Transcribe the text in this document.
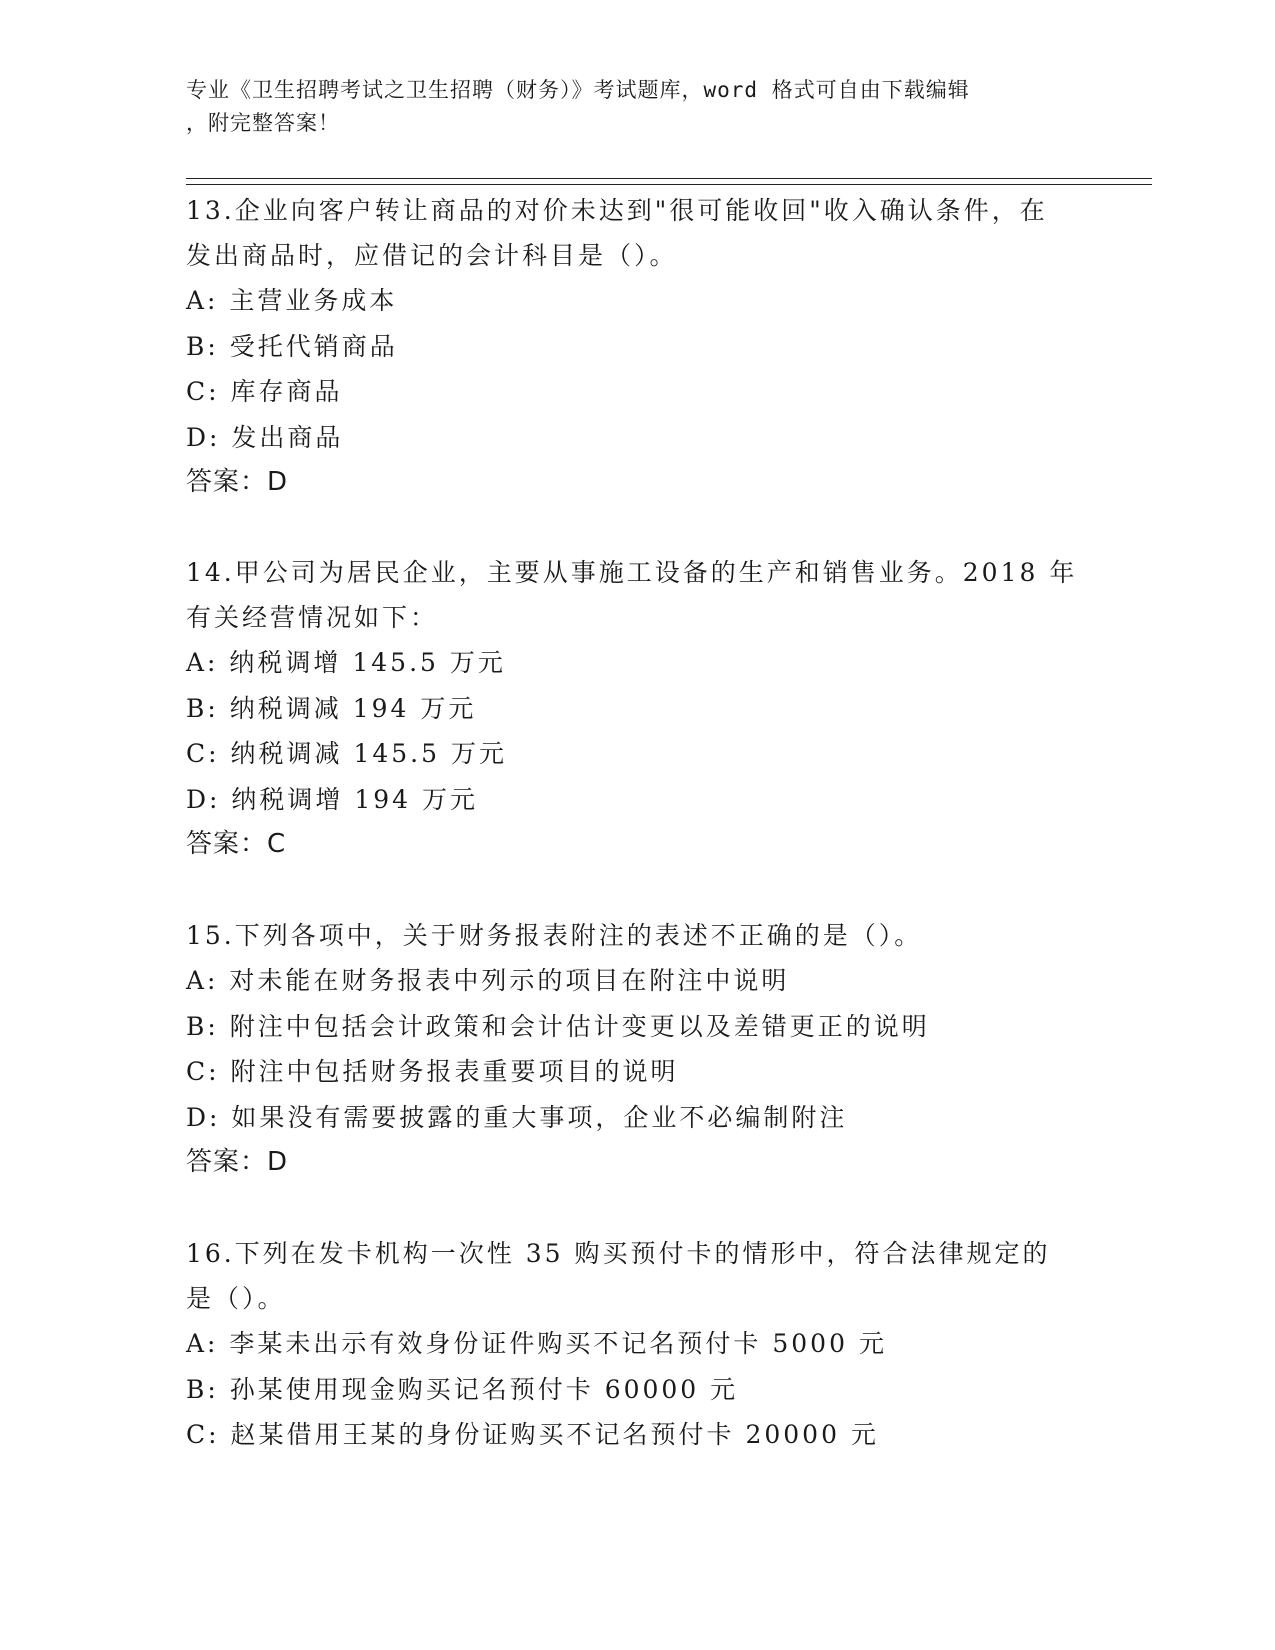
专业《卫生招聘考试之卫生招聘（财务）》考试题库，word 格式可自由下载编辑
，附完整答案！

13.企业向客户转让商品的对价未达到"很可能收回"收入确认条件，在

发出商品时，应借记的会计科目是（）。

A: 主营业务成本

B: 受托代销商品

C: 库存商品

D: 发出商品

答案：D

14.甲公司为居民企业，主要从事施工设备的生产和销售业务。2018 年

有关经营情况如下：

A: 纳税调增 145.5 万元

B: 纳税调减 194 万元

C: 纳税调减 145.5 万元

D: 纳税调增 194 万元

答案：C

15.下列各项中，关于财务报表附注的表述不正确的是（）。

A: 对未能在财务报表中列示的项目在附注中说明

B: 附注中包括会计政策和会计估计变更以及差错更正的说明

C: 附注中包括财务报表重要项目的说明

D: 如果没有需要披露的重大事项，企业不必编制附注

答案：D

16.下列在发卡机构一次性 35 购买预付卡的情形中，符合法律规定的

是（）。

A: 李某未出示有效身份证件购买不记名预付卡 5000 元

B: 孙某使用现金购买记名预付卡 60000 元

C: 赵某借用王某的身份证购买不记名预付卡 20000 元
